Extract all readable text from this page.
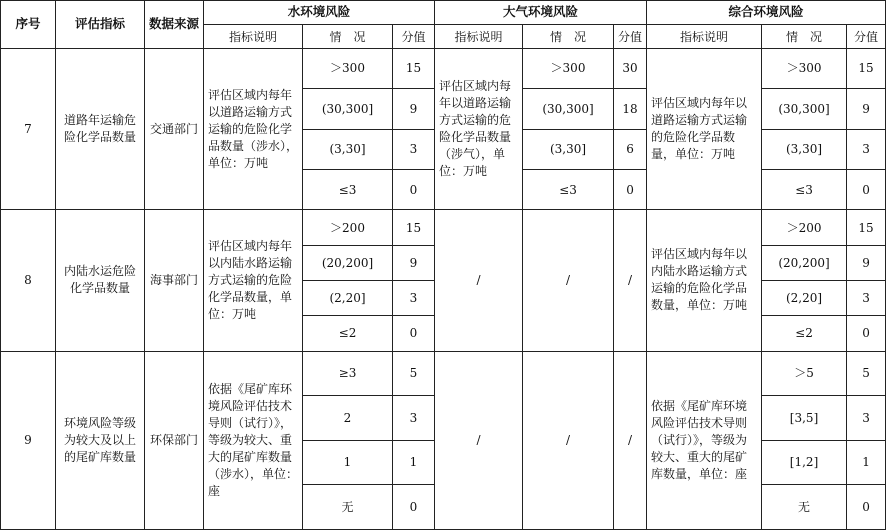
序号	评估指标	数据来源	水环境风险			大气环境风险			综合环境风险		
			指标说明	情　况	分值	指标说明	情　况	分值	指标说明	情　况	分值
7	道路年运输危险化学品数量	交通部门	评估区域内每年以道路运输方式运输的危险化学品数量（涉水），单位：万吨	＞300	15	评估区域内每年以道路运输方式运输的危险化学品数量（涉气），单位：万吨	＞300	30	评估区域内每年以道路运输方式运输的危险化学品数量，单位：万吨	＞300	15
				(30,300]	9		(30,300]	18		(30,300]	9
				(3,30]	3		(3,30]	6		(3,30]	3
				≤3	0		≤3	0		≤3	0
8	内陆水运危险化学品数量	海事部门	评估区域内每年以内陆水路运输方式运输的危险化学品数量，单位：万吨	＞200	15	/	/	/	评估区域内每年以内陆水路运输方式运输的危险化学品数量，单位：万吨	＞200	15
				(20,200]	9					(20,200]	9
				(2,20]	3					(2,20]	3
				≤2	0					≤2	0
9	环境风险等级为较大及以上的尾矿库数量	环保部门	依据《尾矿库环境风险评估技术导则（试行）》，等级为较大、重大的尾矿库数量（涉水），单位：座	≥3	5	/	/	/	依据《尾矿库环境风险评估技术导则（试行）》，等级为较大、重大的尾矿库数量，单位：座	＞5	5
				2	3					[3,5]	3
				1	1					[1,2]	1
				无	0					无	0
